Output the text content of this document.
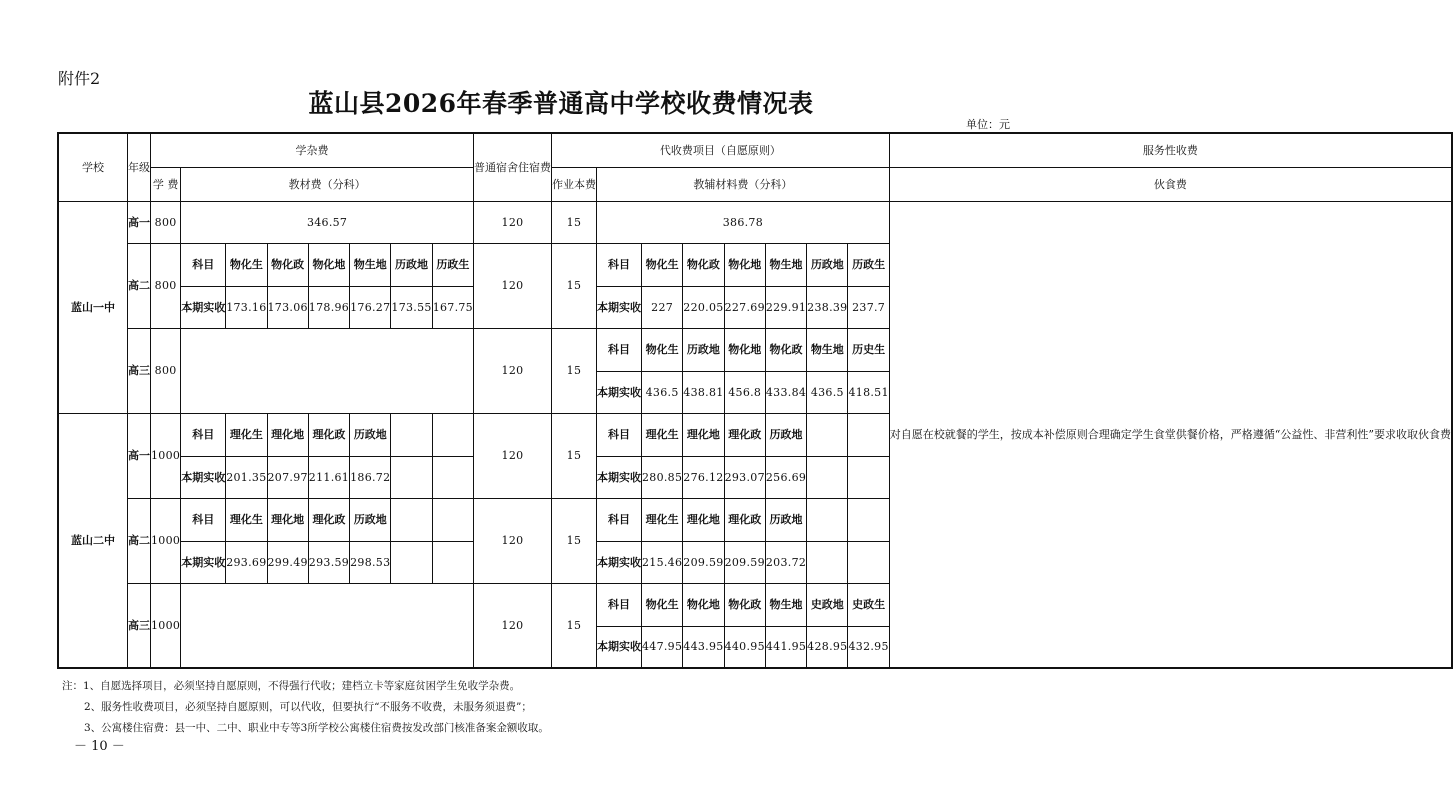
附件2
蓝山县2026年春季普通高中学校收费情况表
单位：元
学校	年级	学杂费								普通宿舍住宿费	代收费项目（自愿原则）								服务性收费
		学 费	教材费（分科）								作业本费	教辅材料费（分科）							伙食费
蓝山一中	高一	800	346.57							120	15	386.78							对自愿在校就餐的学生，按成本补偿原则合理确定学生食堂供餐价格，严格遵循“公益性、非营利性”要求收取伙食费
	高二	800	科目	物化生	物化政	物化地	物生地	历政地	历政生	120	15	科目	物化生	物化政	物化地	物生地	历政地	历政生	
			本期实收	173.16	173.06	178.96	176.27	173.55	167.75			本期实收	227	220.05	227.69	229.91	238.39	237.7	
	高三	800								120	15	科目	物化生	历政地	物化地	物化政	物生地	历史生	
												本期实收	436.5	438.81	456.8	433.84	436.5	418.51	
蓝山二中	高一	1000	科目	理化生	理化地	理化政	历政地			120	15	科目	理化生	理化地	理化政	历政地			
			本期实收	201.35	207.97	211.61	186.72					本期实收	280.85	276.12	293.07	256.69			
	高二	1000	科目	理化生	理化地	理化政	历政地			120	15	科目	理化生	理化地	理化政	历政地			
			本期实收	293.69	299.49	293.59	298.53					本期实收	215.46	209.59	209.59	203.72			
	高三	1000								120	15	科目	物化生	物化地	物化政	物生地	史政地	史政生	
												本期实收	447.95	443.95	440.95	441.95	428.95	432.95	
注：1、自愿选择项目，必须坚持自愿原则，不得强行代收；建档立卡等家庭贫困学生免收学杂费。
2、服务性收费项目，必须坚持自愿原则，可以代收，但要执行“不服务不收费，未服务须退费”；
3、公寓楼住宿费：县一中、二中、职业中专等3所学校公寓楼住宿费按发改部门核准备案金额收取。
－ 10 －
